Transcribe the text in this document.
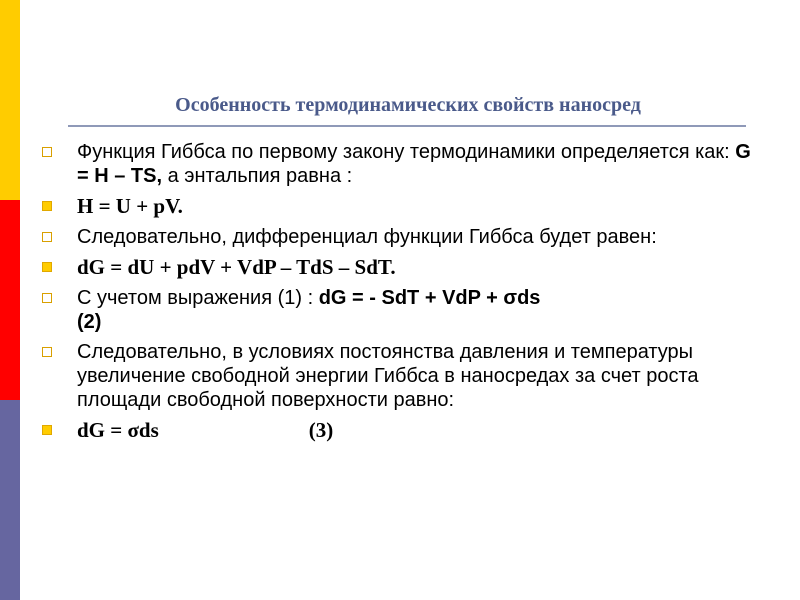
Особенность термодинамических свойств наносред
Функция Гиббса по первому закону термодинамики определяется как: G = H – TS, а энтальпия равна :
H = U + pV.
Следовательно, дифференциал функции Гиббса будет равен:
dG = dU + pdV + VdP – TdS – SdT.
С учетом выражения (1) : dG = - SdT + VdP + σds
(2)
Следовательно, в условиях постоянства давления и температуры увеличение свободной энергии Гиббса в наносредах за счет роста площади свободной поверхности равно:
dG = σds	(3)
